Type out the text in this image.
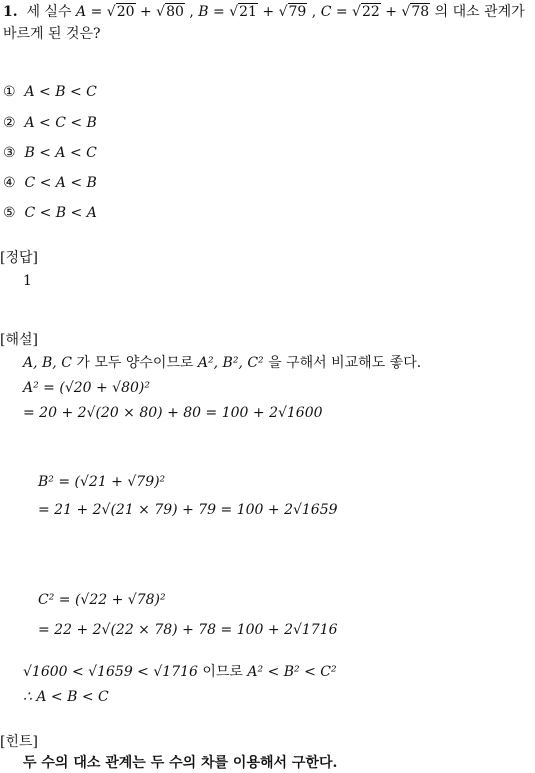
1. 세 실수 A = √20 + √80 , B = √21 + √79 , C = √22 + √78 의 대소 관계가
바르게 된 것은?
① A < B < C
② A < C < B
③ B < A < C
④ C < A < B
⑤ C < B < A
[정답]
1
[해설]
A, B, C 가 모두 양수이므로 A², B², C² 을 구해서 비교해도 좋다.
A² = (√20 + √80)²
= 20 + 2√(20 × 80) + 80 = 100 + 2√1600
B² = (√21 + √79)²
= 21 + 2√(21 × 79) + 79 = 100 + 2√1659
C² = (√22 + √78)²
= 22 + 2√(22 × 78) + 78 = 100 + 2√1716
√1600 < √1659 < √1716 이므로 A² < B² < C²
∴ A < B < C
[힌트]
두 수의 대소 관계는 두 수의 차를 이용해서 구한다.
